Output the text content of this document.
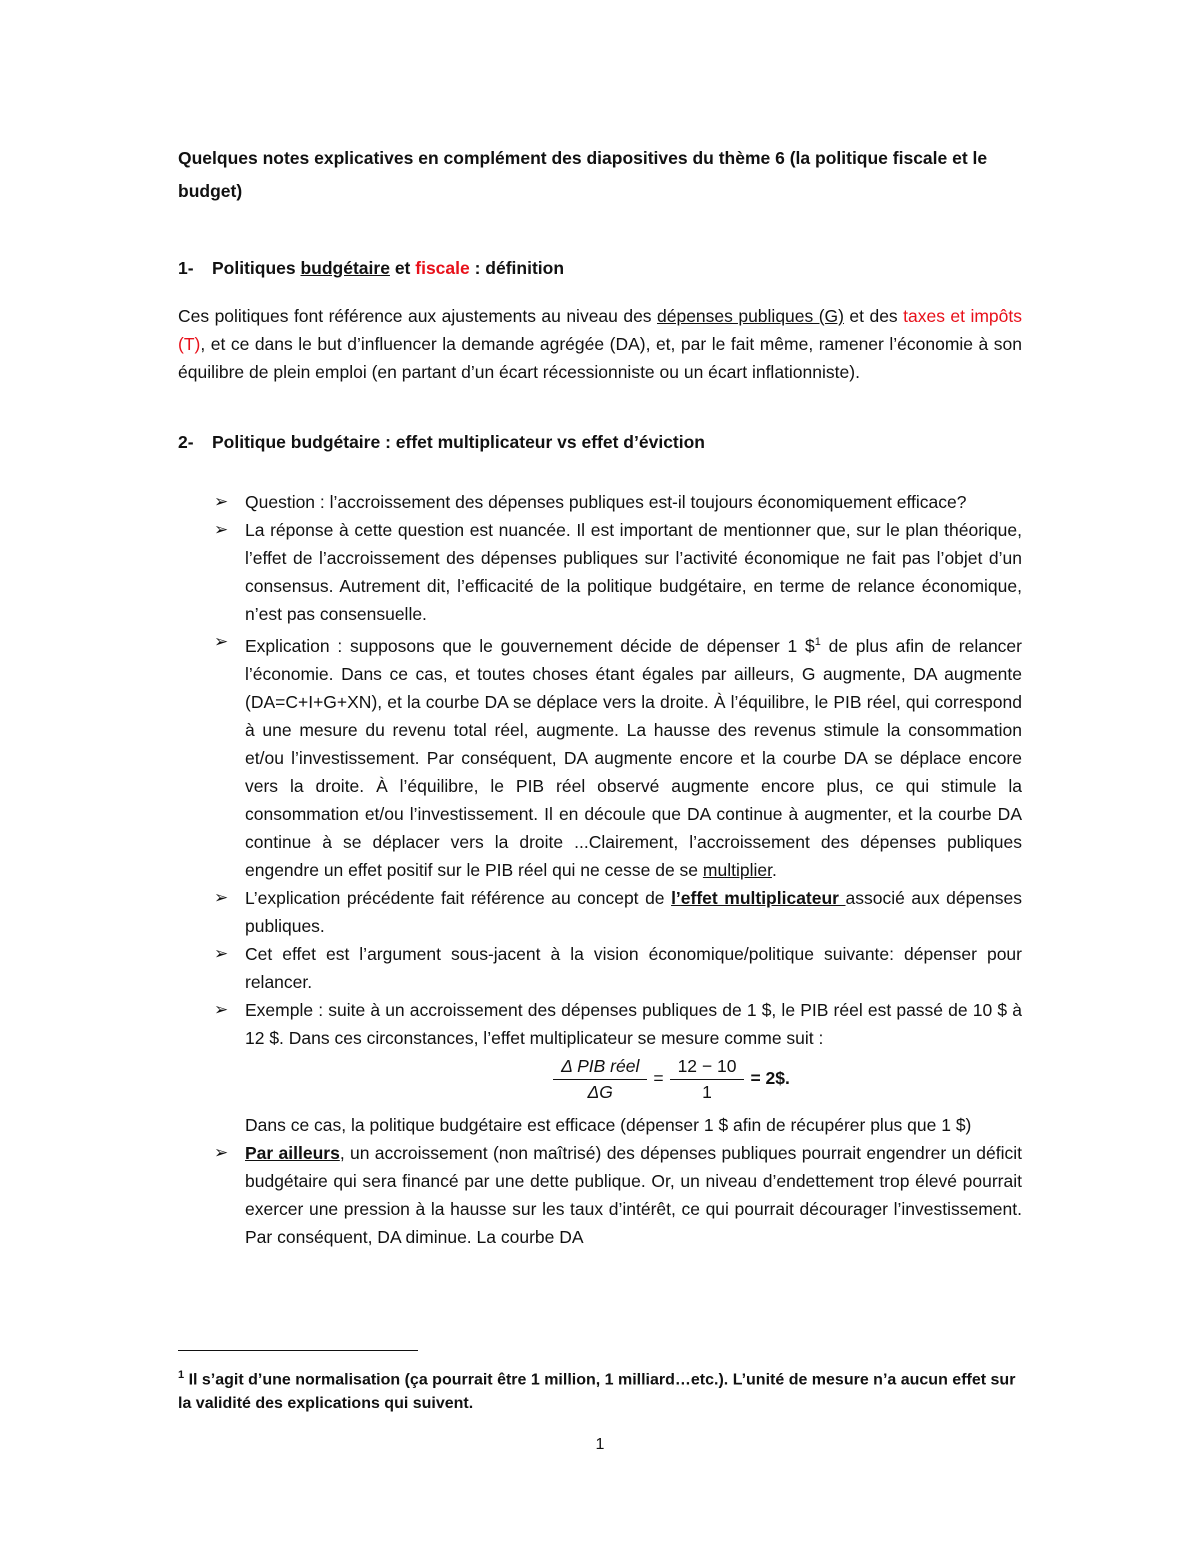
Quelques notes explicatives en complément des diapositives du thème 6 (la politique fiscale et le budget)
1- Politiques budgétaire et fiscale : définition
Ces politiques font référence aux ajustements au niveau des dépenses publiques (G) et des taxes et impôts (T), et ce dans le but d’influencer la demande agrégée (DA), et, par le fait même, ramener l’économie à son équilibre de plein emploi (en partant d’un écart récessionniste ou un écart inflationniste).
2- Politique budgétaire : effet multiplicateur vs effet d’éviction
➢ Question : l’accroissement des dépenses publiques est-il toujours économiquement efficace?
➢ La réponse à cette question est nuancée. Il est important de mentionner que, sur le plan théorique, l’effet de l’accroissement des dépenses publiques sur l’activité économique ne fait pas l’objet d’un consensus. Autrement dit, l’efficacité de la politique budgétaire, en terme de relance économique, n’est pas consensuelle.
➢ Explication : supposons que le gouvernement décide de dépenser 1 \$$^1$ de plus afin de relancer l’économie. Dans ce cas, et toutes choses étant égales par ailleurs, G augmente, DA augmente (DA=C+I+G+XN), et la courbe DA se déplace vers la droite. À l’équilibre, le PIB réel, qui correspond à une mesure du revenu total réel, augmente. La hausse des revenus stimule la consommation et/ou l’investissement. Par conséquent, DA augmente encore et la courbe DA se déplace encore vers la droite. À l’équilibre, le PIB réel observé augmente encore plus, ce qui stimule la consommation et/ou l’investissement. Il en découle que DA continue à augmenter, et la courbe DA continue à se déplacer vers la droite ...Clairement, l’accroissement des dépenses publiques engendre un effet positif sur le PIB réel qui ne cesse de se multiplier.
➢ L’explication précédente fait référence au concept de l’effet multiplicateur associé aux dépenses publiques.
➢ Cet effet est l’argument sous-jacent à la vision économique/politique suivante: dépenser pour relancer.
➢ Exemple : suite à un accroissement des dépenses publiques de 1 $, le PIB réel est passé de 10 $ à 12 $. Dans ces circonstances, l’effet multiplicateur se mesure comme suit :
$\frac{\text{Δ PIB réel}}{\Delta G} = \frac{12 - 10}{1}$ = 2$.
Dans ce cas, la politique budgétaire est efficace (dépenser 1 $ afin de récupérer plus que 1 $)
➢ Par ailleurs, un accroissement (non maîtrisé) des dépenses publiques pourrait engendrer un déficit budgétaire qui sera financé par une dette publique. Or, un niveau d’endettement trop élevé pourrait exercer une pression à la hausse sur les taux d’intérêt, ce qui pourrait décourager l’investissement. Par conséquent, DA diminue. La courbe DA
$^1$ Il s’agit d’une normalisation (ça pourrait être 1 million, 1 milliard…etc.). L’unité de mesure n’a aucun effet sur la validité des explications qui suivent.
1
